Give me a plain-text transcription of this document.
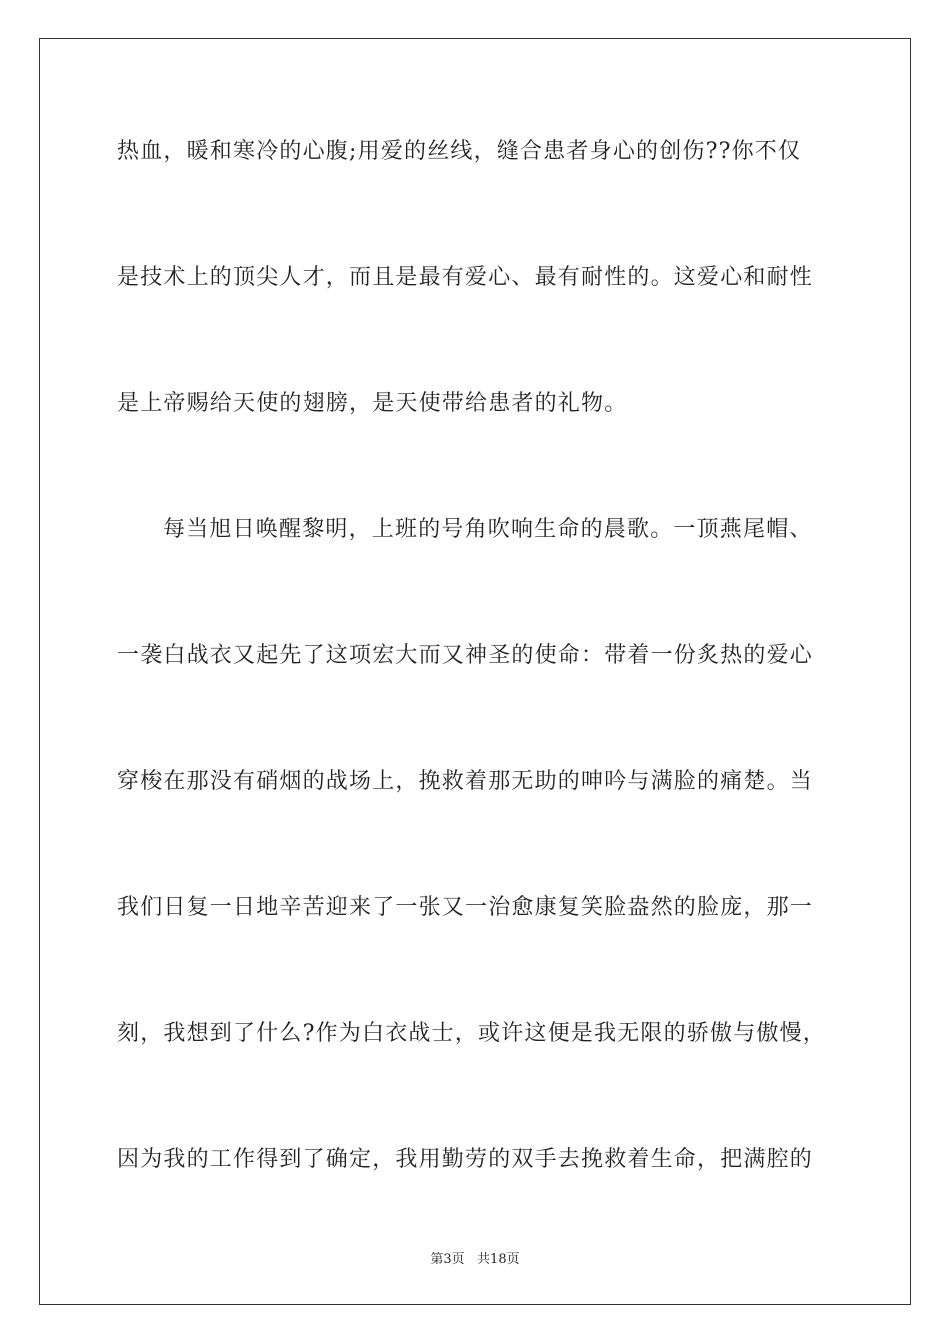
热血，暖和寒冷的心腹;用爱的丝线，缝合患者身心的创伤??你不仅
是技术上的顶尖人才，而且是最有爱心、最有耐性的。这爱心和耐性
是上帝赐给天使的翅膀，是天使带给患者的礼物。
每当旭日唤醒黎明，上班的号角吹响生命的晨歌。一顶燕尾帽、
一袭白战衣又起先了这项宏大而又神圣的使命：带着一份炙热的爱心
穿梭在那没有硝烟的战场上，挽救着那无助的呻吟与满脸的痛楚。当
我们日复一日地辛苦迎来了一张又一治愈康复笑脸盎然的脸庞，那一
刻，我想到了什么?作为白衣战士，或许这便是我无限的骄傲与傲慢，
因为我的工作得到了确定，我用勤劳的双手去挽救着生命，把满腔的
第3页   共18页
